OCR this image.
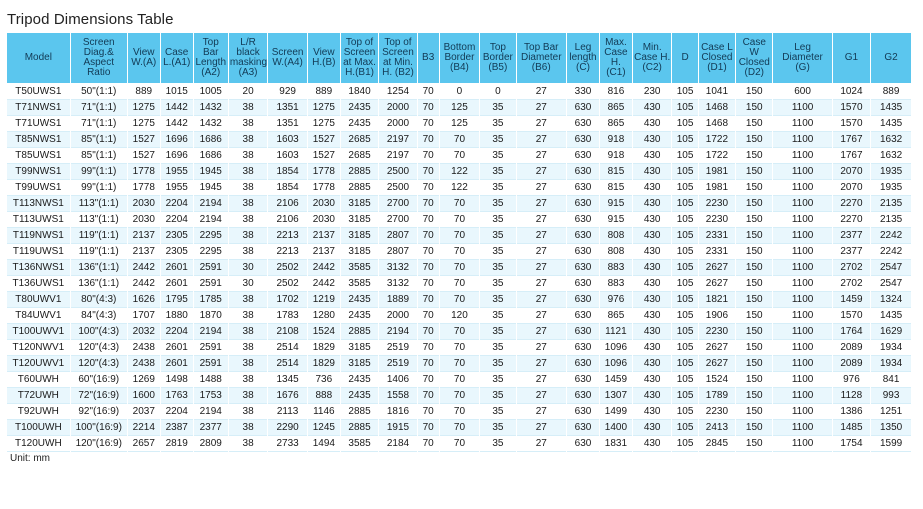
Tripod Dimensions Table
Model	Screen Diag.& Aspect Ratio	View W.(A)	Case L.(A1)	Top Bar Length (A2)	L/R black masking (A3)	Screen W.(A4)	View H.(B)	Top of Screen at Max. H.(B1)	Top of Screen at Min. H. (B2)	B3	Bottom Border (B4)	Top Border (B5)	Top Bar Diameter (B6)	Leg length (C)	Max. Case H. (C1)	Min. Case H.(C2)	D	Case L Closed (D1)	Case W Closed (D2)	Leg Diameter (G)	G1	G2
T50UWS1	50"(1:1)	889	1015	1005	20	929	889	1840	1254	70	0	0	27	330	816	230	105	1041	150	600	1024	889
T71NWS1	71"(1:1)	1275	1442	1432	38	1351	1275	2435	2000	70	125	35	27	630	865	430	105	1468	150	1100	1570	1435
T71UWS1	71"(1:1)	1275	1442	1432	38	1351	1275	2435	2000	70	125	35	27	630	865	430	105	1468	150	1100	1570	1435
T85NWS1	85"(1:1)	1527	1696	1686	38	1603	1527	2685	2197	70	70	35	27	630	918	430	105	1722	150	1100	1767	1632
T85UWS1	85"(1:1)	1527	1696	1686	38	1603	1527	2685	2197	70	70	35	27	630	918	430	105	1722	150	1100	1767	1632
T99NWS1	99"(1:1)	1778	1955	1945	38	1854	1778	2885	2500	70	122	35	27	630	815	430	105	1981	150	1100	2070	1935
T99UWS1	99"(1:1)	1778	1955	1945	38	1854	1778	2885	2500	70	122	35	27	630	815	430	105	1981	150	1100	2070	1935
T113NWS1	113"(1:1)	2030	2204	2194	38	2106	2030	3185	2700	70	70	35	27	630	915	430	105	2230	150	1100	2270	2135
T113UWS1	113"(1:1)	2030	2204	2194	38	2106	2030	3185	2700	70	70	35	27	630	915	430	105	2230	150	1100	2270	2135
T119NWS1	119"(1:1)	2137	2305	2295	38	2213	2137	3185	2807	70	70	35	27	630	808	430	105	2331	150	1100	2377	2242
T119UWS1	119"(1:1)	2137	2305	2295	38	2213	2137	3185	2807	70	70	35	27	630	808	430	105	2331	150	1100	2377	2242
T136NWS1	136"(1:1)	2442	2601	2591	30	2502	2442	3585	3132	70	70	35	27	630	883	430	105	2627	150	1100	2702	2547
T136UWS1	136"(1:1)	2442	2601	2591	30	2502	2442	3585	3132	70	70	35	27	630	883	430	105	2627	150	1100	2702	2547
T80UWV1	80"(4:3)	1626	1795	1785	38	1702	1219	2435	1889	70	70	35	27	630	976	430	105	1821	150	1100	1459	1324
T84UWV1	84"(4:3)	1707	1880	1870	38	1783	1280	2435	2000	70	120	35	27	630	865	430	105	1906	150	1100	1570	1435
T100UWV1	100"(4:3)	2032	2204	2194	38	2108	1524	2885	2194	70	70	35	27	630	1121	430	105	2230	150	1100	1764	1629
T120NWV1	120"(4:3)	2438	2601	2591	38	2514	1829	3185	2519	70	70	35	27	630	1096	430	105	2627	150	1100	2089	1934
T120UWV1	120"(4:3)	2438	2601	2591	38	2514	1829	3185	2519	70	70	35	27	630	1096	430	105	2627	150	1100	2089	1934
T60UWH	60"(16:9)	1269	1498	1488	38	1345	736	2435	1406	70	70	35	27	630	1459	430	105	1524	150	1100	976	841
T72UWH	72"(16:9)	1600	1763	1753	38	1676	888	2435	1558	70	70	35	27	630	1307	430	105	1789	150	1100	1128	993
T92UWH	92"(16:9)	2037	2204	2194	38	2113	1146	2885	1816	70	70	35	27	630	1499	430	105	2230	150	1100	1386	1251
T100UWH	100"(16:9)	2214	2387	2377	38	2290	1245	2885	1915	70	70	35	27	630	1400	430	105	2413	150	1100	1485	1350
T120UWH	120"(16:9)	2657	2819	2809	38	2733	1494	3585	2184	70	70	35	27	630	1831	430	105	2845	150	1100	1754	1599
Unit: mm
